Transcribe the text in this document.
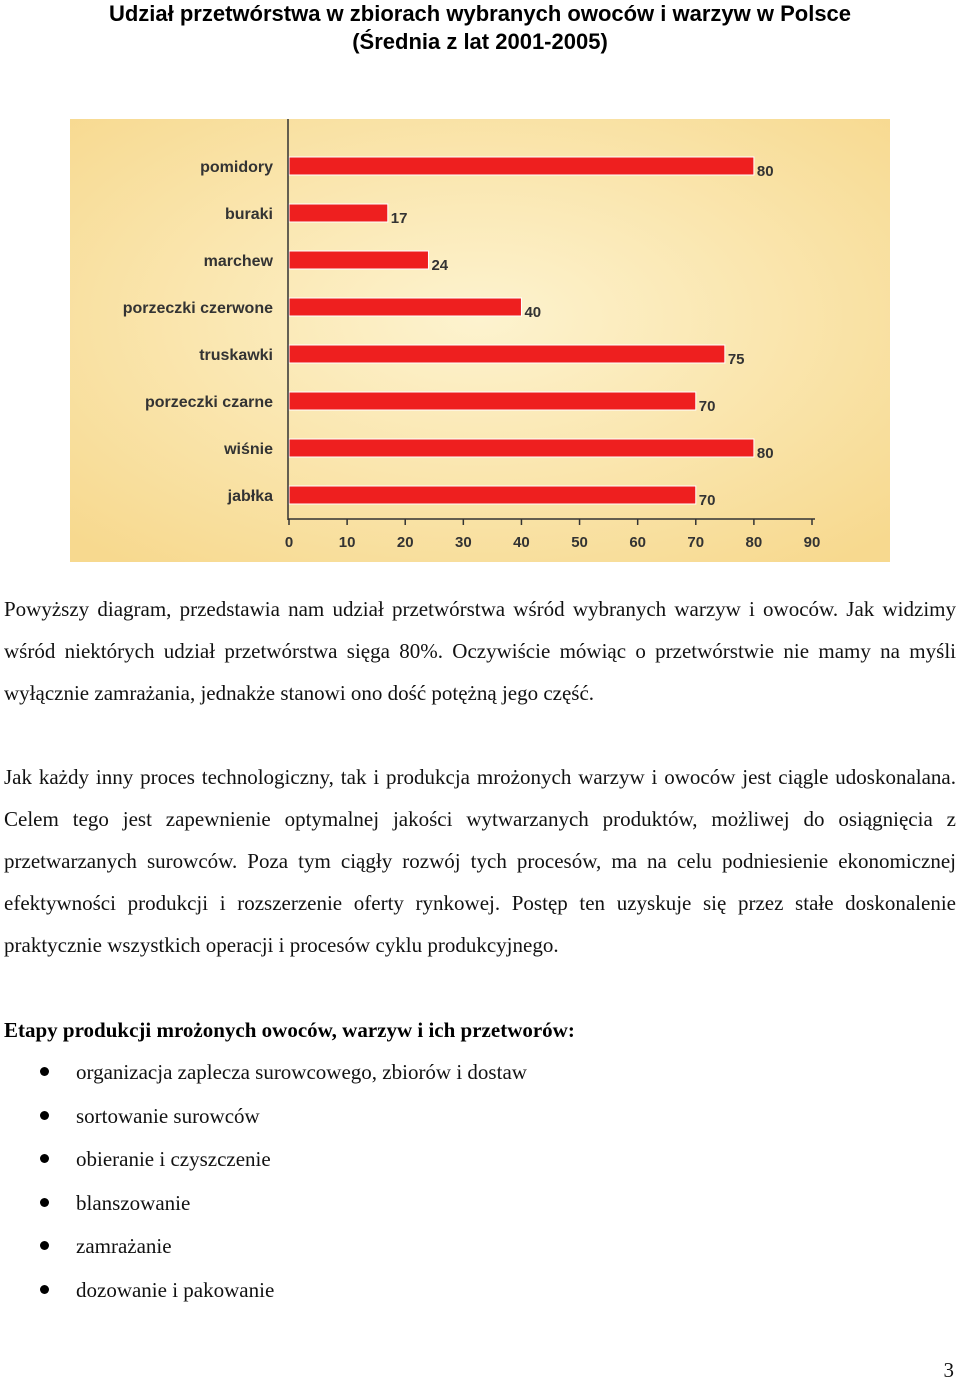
Udział przetwórstwa w zbiorach wybranych owoców i warzyw w Polsce
(Średnia z lat 2001-2005)
pomidory	80
buraki	17
marchew	24
porzeczki czerwone	40
truskawki	75
porzeczki czarne	70
wiśnie	80
jabłka	70
0	10	20	30	40	50	60	70	80	90

Powyższy diagram, przedstawia nam udział przetwórstwa wśród wybranych warzyw i owoców. Jak widzimy wśród niektórych udział przetwórstwa sięga 80%. Oczywiście mówiąc o przetwórstwie nie mamy na myśli wyłącznie zamrażania, jednakże stanowi ono dość potężną jego część.

Jak każdy inny proces technologiczny, tak i produkcja mrożonych warzyw i owoców jest ciągle udoskonalana. Celem tego jest zapewnienie optymalnej jakości wytwarzanych produktów, możliwej do osiągnięcia z przetwarzanych surowców. Poza tym ciągły rozwój tych procesów, ma na celu podniesienie ekonomicznej efektywności produkcji i rozszerzenie oferty rynkowej. Postęp ten uzyskuje się przez stałe doskonalenie praktycznie wszystkich operacji i procesów cyklu produkcyjnego.

Etapy produkcji mrożonych owoców, warzyw i ich przetworów:
organizacja zaplecza surowcowego, zbiorów i dostaw
sortowanie surowców
obieranie i czyszczenie
blanszowanie
zamrażanie
dozowanie i pakowanie
3
